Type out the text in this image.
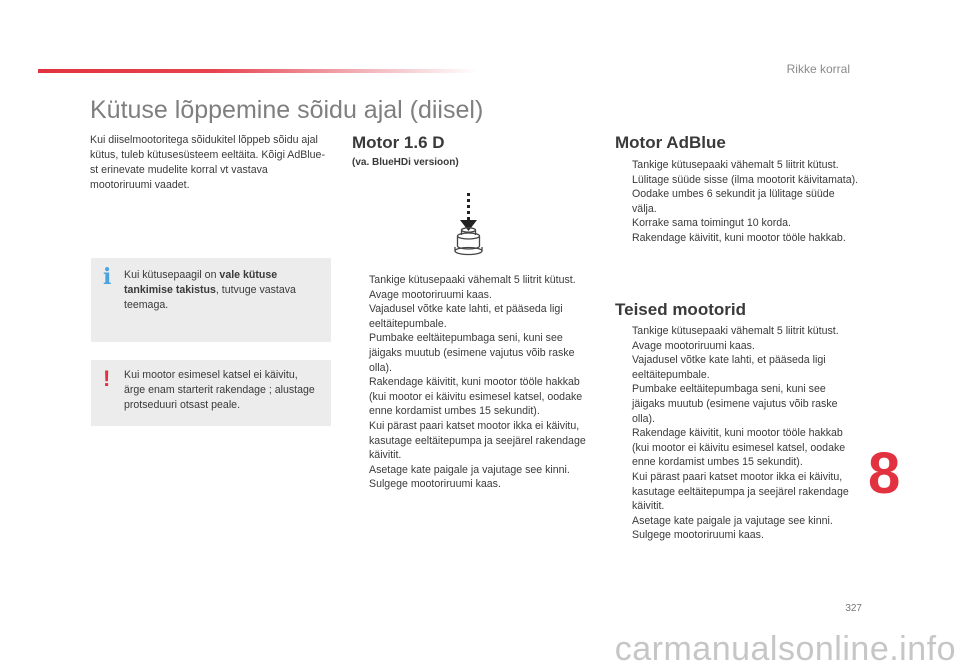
Rikke korral
Kütuse lõppemine sõidu ajal (diisel)
Kui diiselmootoritega sõidukitel lõppeb sõidu ajal kütus, tuleb kütusesüsteem eeltäita. Kõigi AdBlue-st erinevate mudelite korral vt vastava mootoriruumi vaadet.
i Kui kütusepaagil on vale kütuse tankimise takistus, tutvuge vastava teemaga.
! Kui mootor esimesel katsel ei käivitu, ärge enam starterit rakendage ; alustage protseduuri otsast peale.
Motor 1.6 D
(va. BlueHDi versioon)
Tankige kütusepaaki vähemalt 5 liitrit kütust.
Avage mootoriruumi kaas.
Vajadusel võtke kate lahti, et pääseda ligi eeltäitepumbale.
Pumbake eeltäitepumbaga seni, kuni see jäigaks muutub (esimene vajutus võib raske olla).
Rakendage käivitit, kuni mootor tööle hakkab (kui mootor ei käivitu esimesel katsel, oodake enne kordamist umbes 15 sekundit).
Kui pärast paari katset mootor ikka ei käivitu, kasutage eeltäitepumpa ja seejärel rakendage käivitit.
Asetage kate paigale ja vajutage see kinni.
Sulgege mootoriruumi kaas.
Motor AdBlue
Tankige kütusepaaki vähemalt 5 liitrit kütust.
Lülitage süüde sisse (ilma mootorit käivitamata).
Oodake umbes 6 sekundit ja lülitage süüde välja.
Korrake sama toimingut 10 korda.
Rakendage käivitit, kuni mootor tööle hakkab.
Teised mootorid
Tankige kütusepaaki vähemalt 5 liitrit kütust.
Avage mootoriruumi kaas.
Vajadusel võtke kate lahti, et pääseda ligi eeltäitepumbale.
Pumbake eeltäitepumbaga seni, kuni see jäigaks muutub (esimene vajutus võib raske olla).
Rakendage käivitit, kuni mootor tööle hakkab (kui mootor ei käivitu esimesel katsel, oodake enne kordamist umbes 15 sekundit).
Kui pärast paari katset mootor ikka ei käivitu, kasutage eeltäitepumpa ja seejärel rakendage käivitit.
Asetage kate paigale ja vajutage see kinni.
Sulgege mootoriruumi kaas.
8
327
carmanualsonline.info
